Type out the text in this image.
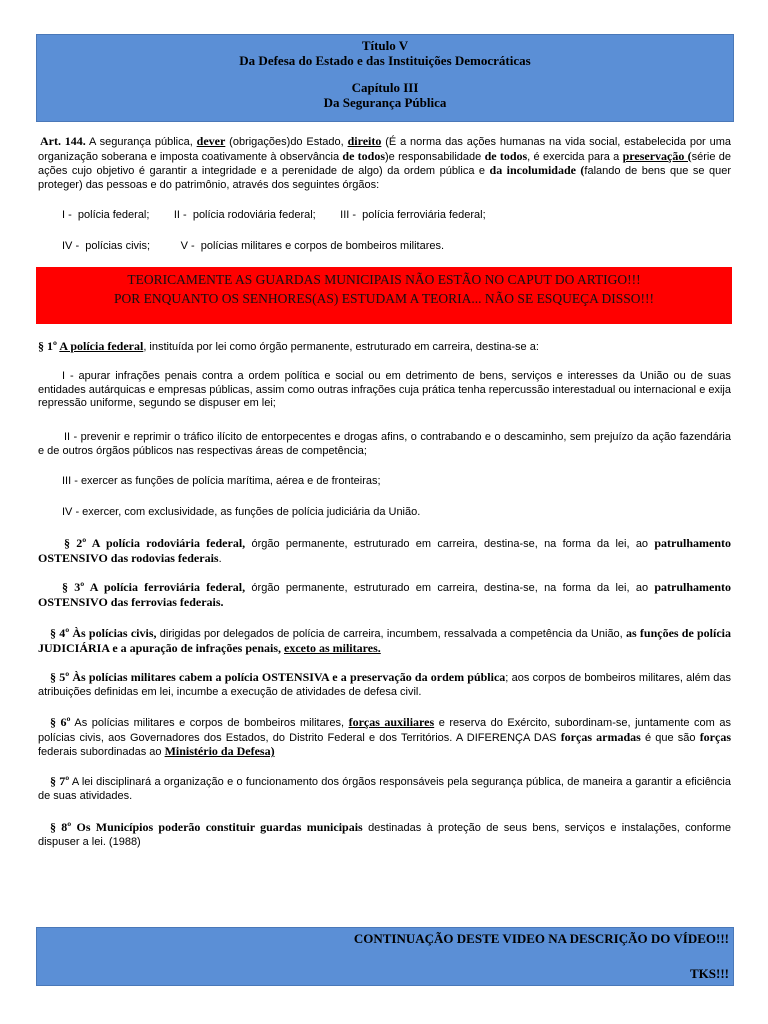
Título V
Da Defesa do Estado e das Instituições Democráticas
Capítulo III
Da Segurança Pública
Art. 144. A segurança pública, dever (obrigações)do Estado, direito (É a norma das ações humanas na vida social, estabelecida por uma organização soberana e imposta coativamente à observância de todos)e responsabilidade de todos, é exercida para a preservação (série de ações cujo objetivo é garantir a integridade e a perenidade de algo) da ordem pública e da incolumidade (falando de bens que se quer proteger) das pessoas e do patrimônio, através dos seguintes órgãos:
I -  polícia federal;        II -  polícia rodoviária federal;        III -  polícia ferroviária federal;
IV -  polícias civis;          V -  polícias militares e corpos de bombeiros militares.
TEORICAMENTE AS GUARDAS MUNICIPAIS NÃO ESTÃO NO CAPUT DO ARTIGO!!!
POR ENQUANTO OS SENHORES(AS) ESTUDAM A TEORIA... NÃO SE ESQUEÇA DISSO!!!
§ 1º A polícia federal, instituída por lei como órgão permanente, estruturado em carreira, destina-se a:
I - apurar infrações penais contra a ordem política e social ou em detrimento de bens, serviços e interesses da União ou de suas entidades autárquicas e empresas públicas, assim como outras infrações cuja prática tenha repercussão interestadual ou internacional e exija repressão uniforme, segundo se dispuser em lei;
II - prevenir e reprimir o tráfico ilícito de entorpecentes e drogas afins, o contrabando e o descaminho, sem prejuízo da ação fazendária e de outros órgãos públicos nas respectivas áreas de competência;
III - exercer as funções de polícia marítima, aérea e de fronteiras;
IV - exercer, com exclusividade, as funções de polícia judiciária da União.
§ 2º A polícia rodoviária federal, órgão permanente, estruturado em carreira, destina-se, na forma da lei, ao patrulhamento OSTENSIVO das rodovias federais.
§ 3º A polícia ferroviária federal, órgão permanente, estruturado em carreira, destina-se, na forma da lei, ao patrulhamento OSTENSIVO das ferrovias federais.
§ 4º Às polícias civis, dirigidas por delegados de polícia de carreira, incumbem, ressalvada a competência da União, as funções de polícia JUDICIÁRIA e a apuração de infrações penais, exceto as militares.
§ 5º Às polícias militares cabem a polícia OSTENSIVA e a preservação da ordem pública; aos corpos de bombeiros militares, além das atribuições definidas em lei, incumbe a execução de atividades de defesa civil.
§ 6º As polícias militares e corpos de bombeiros militares, forças auxiliares e reserva do Exército, subordinam-se, juntamente com as polícias civis, aos Governadores dos Estados, do Distrito Federal e dos Territórios. A DIFERENÇA DAS forças armadas é que são forças federais subordinadas ao Ministério da Defesa)
§ 7º A lei disciplinará a organização e o funcionamento dos órgãos responsáveis pela segurança pública, de maneira a garantir a eficiência de suas atividades.
§ 8º Os Municípios poderão constituir guardas municipais destinadas à proteção de seus bens, serviços e instalações, conforme dispuser a lei. (1988)
CONTINUAÇÃO DESTE VIDEO NA DESCRIÇÃO DO VÍDEO!!!
TKS!!!
